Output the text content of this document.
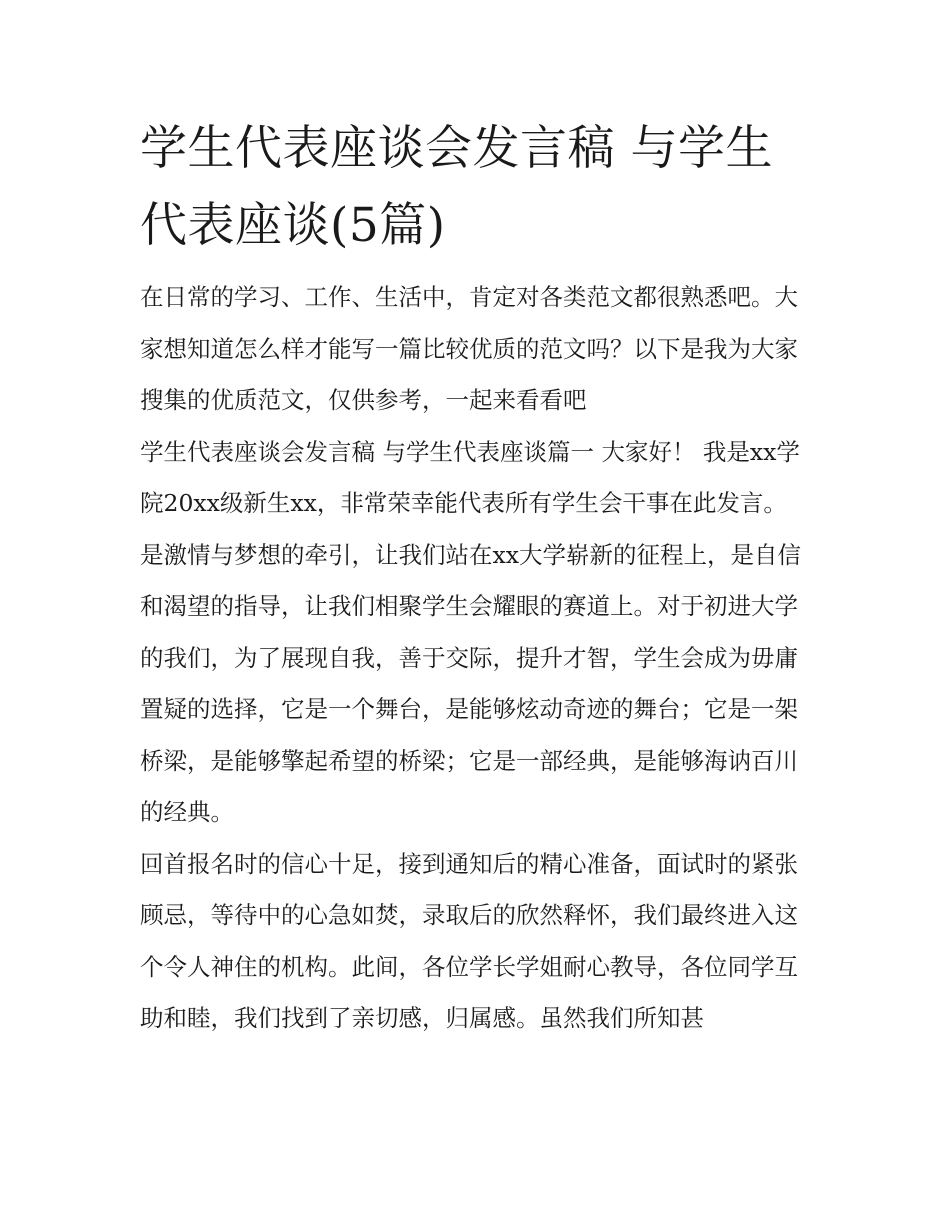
学生代表座谈会发言稿 与学生代表座谈(5篇)

在日常的学习、工作、生活中，肯定对各类范文都很熟悉吧。大家想知道怎么样才能写一篇比较优质的范文吗？以下是我为大家搜集的优质范文，仅供参考，一起来看看吧

学生代表座谈会发言稿 与学生代表座谈篇一 大家好！ 我是xx学院20xx级新生xx，非常荣幸能代表所有学生会干事在此发言。

是激情与梦想的牵引，让我们站在xx大学崭新的征程上，是自信和渴望的指导，让我们相聚学生会耀眼的赛道上。对于初进大学的我们，为了展现自我，善于交际，提升才智，学生会成为毋庸置疑的选择，它是一个舞台，是能够炫动奇迹的舞台；它是一架桥梁，是能够擎起希望的桥梁；它是一部经典，是能够海讷百川的经典。

回首报名时的信心十足，接到通知后的精心准备，面试时的紧张顾忌，等待中的心急如焚，录取后的欣然释怀，我们最终进入这个令人神住的机构。此间，各位学长学姐耐心教导，各位同学互助和睦，我们找到了亲切感，归属感。虽然我们所知甚
